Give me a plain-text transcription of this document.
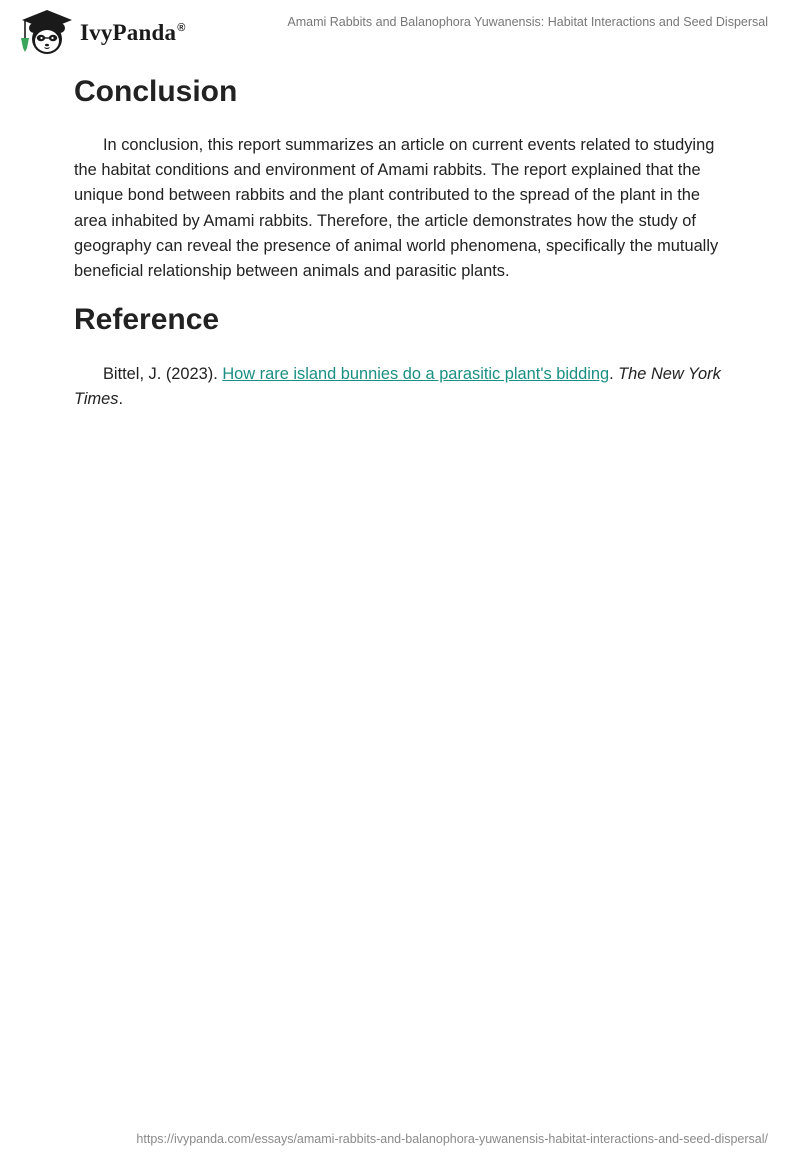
IvyPanda®	Amami Rabbits and Balanophora Yuwanensis: Habitat Interactions and Seed Dispersal
Conclusion

In conclusion, this report summarizes an article on current events related to studying the habitat conditions and environment of Amami rabbits. The report explained that the unique bond between rabbits and the plant contributed to the spread of the plant in the area inhabited by Amami rabbits. Therefore, the article demonstrates how the study of geography can reveal the presence of animal world phenomena, specifically the mutually beneficial relationship between animals and parasitic plants.

Reference

Bittel, J. (2023). How rare island bunnies do a parasitic plant's bidding. The New York Times.

https://ivypanda.com/essays/amami-rabbits-and-balanophora-yuwanensis-habitat-interactions-and-seed-dispersal/
